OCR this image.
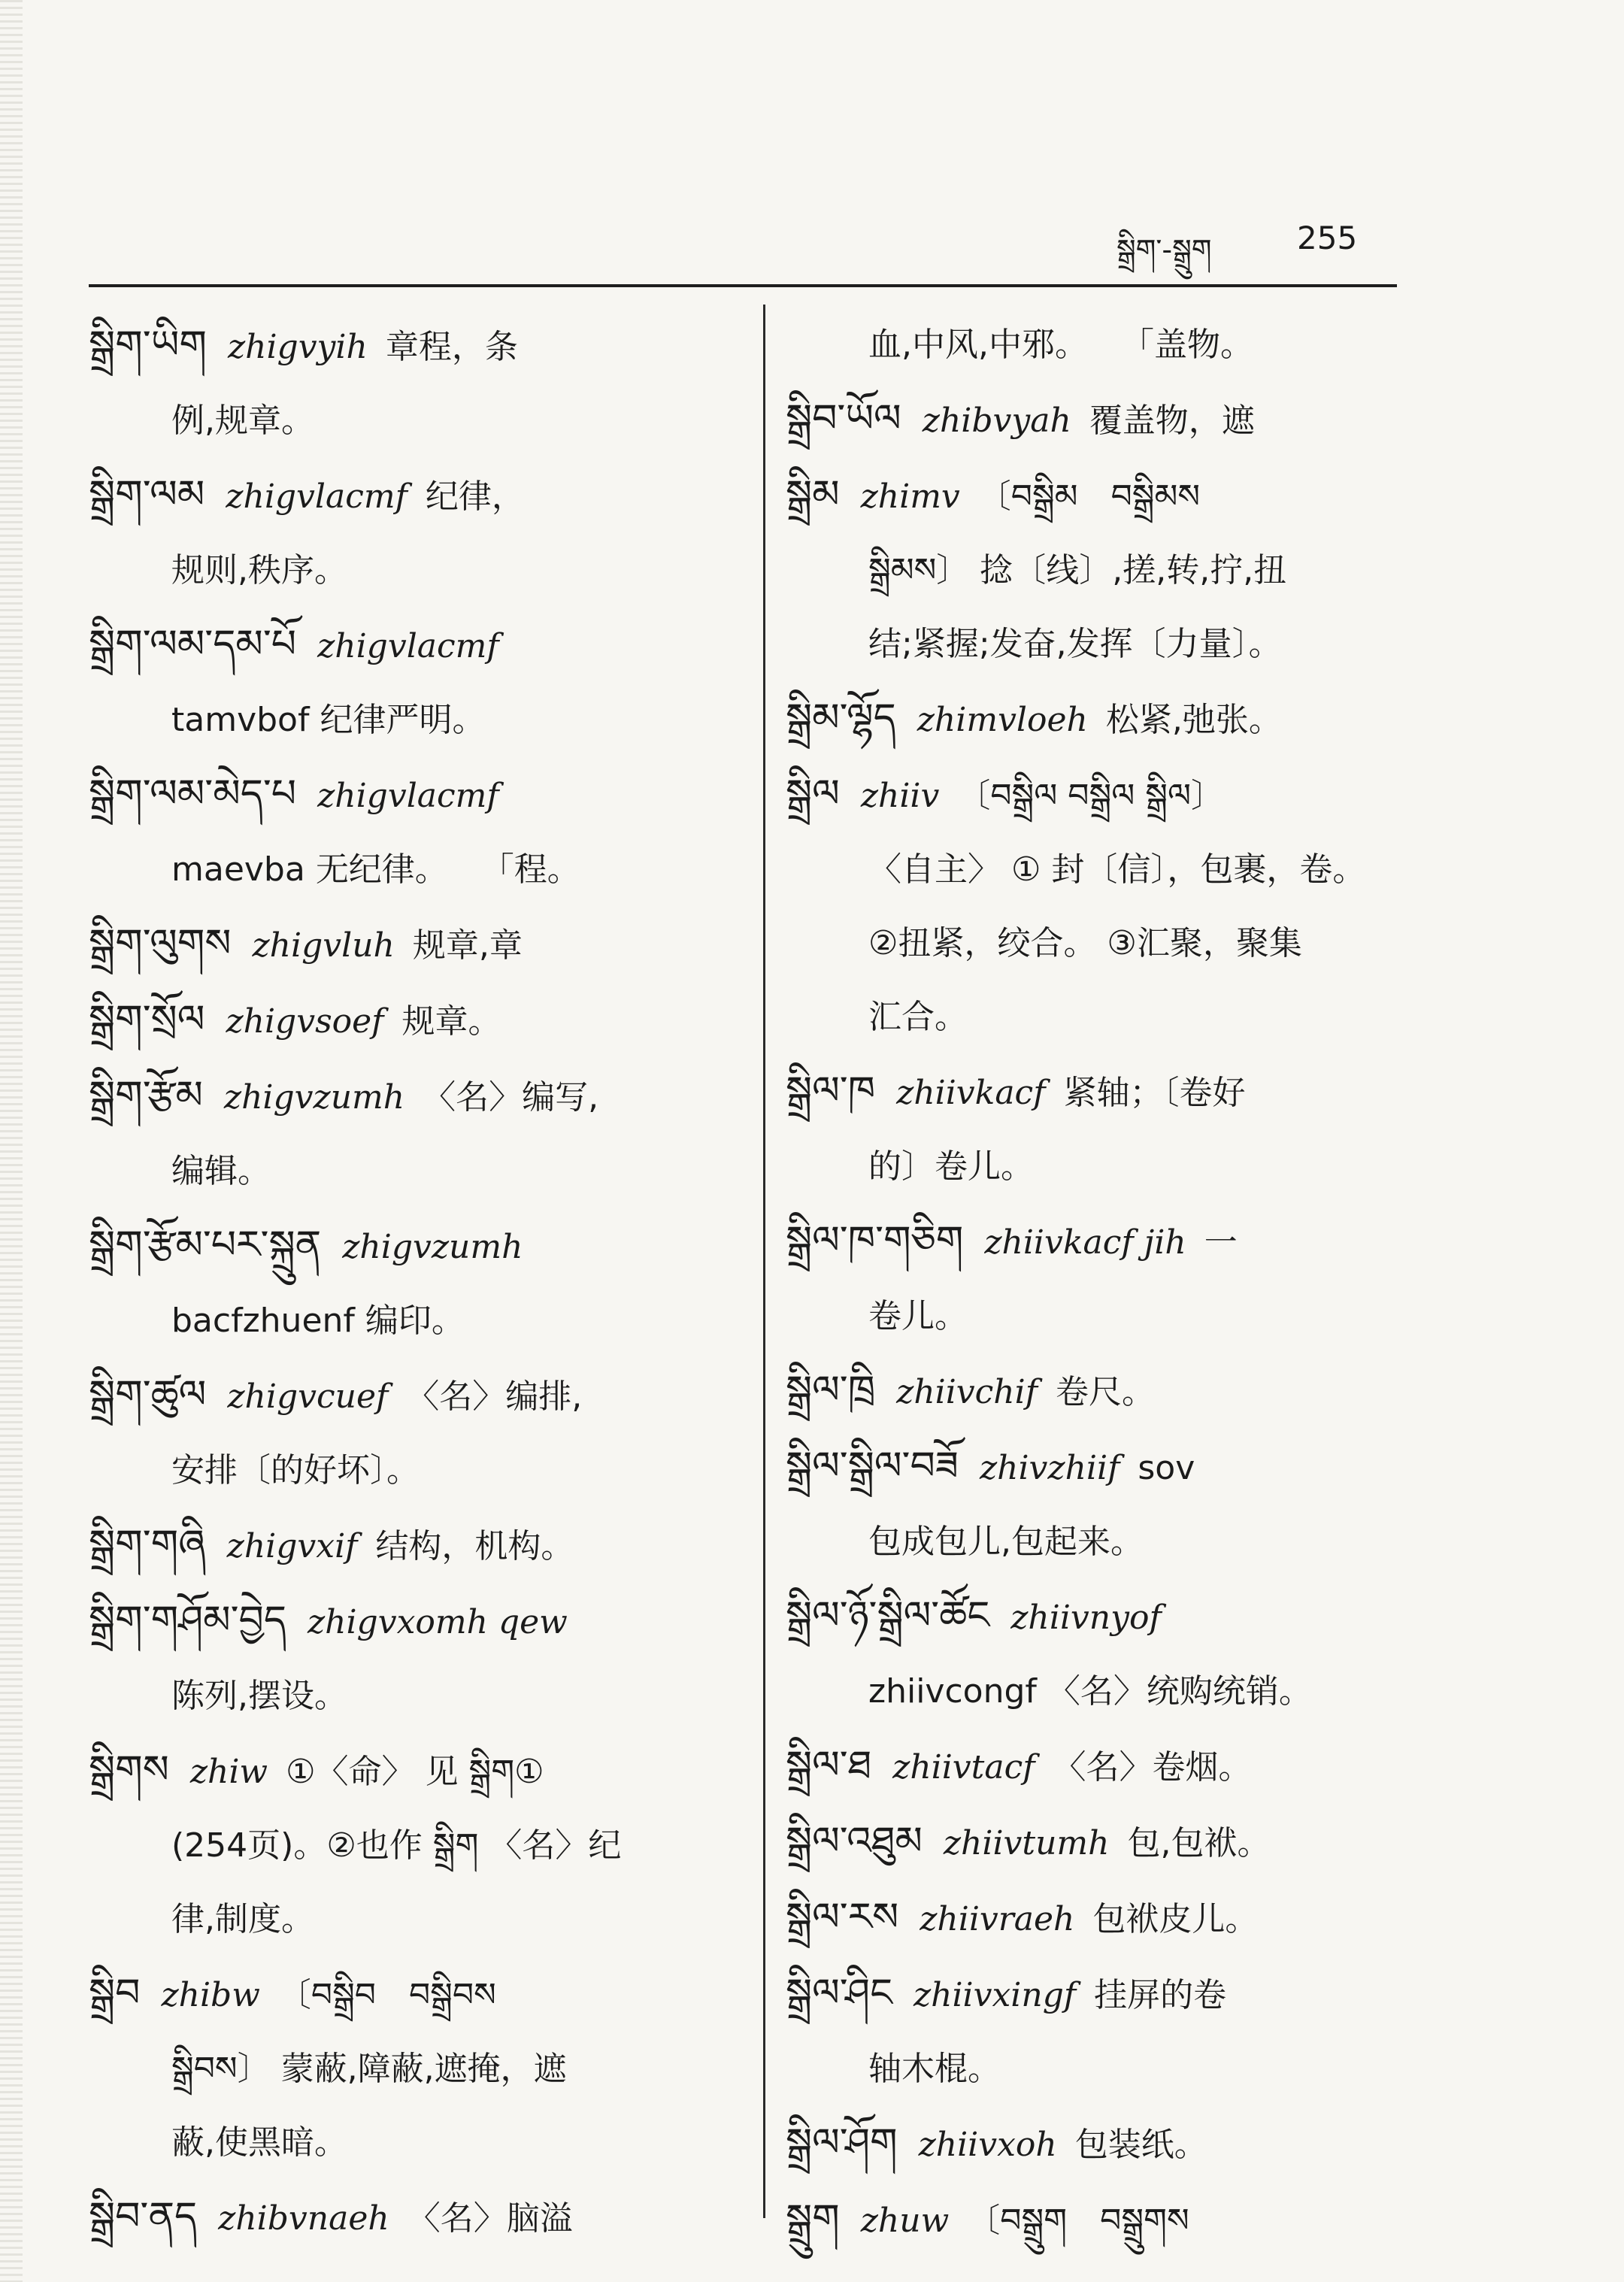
སྒྲིག་-སྒྲུག	255
སྒྲིག་ཡིག zhigvyih 章程，条
例,规章。
སྒྲིག་ལམ zhigvlacmf 纪律，
规则,秩序。
སྒྲིག་ལམ་དམ་པོ zhigvlacmf
tamvbof 纪律严明。
སྒྲིག་ལམ་མེད་པ zhigvlacmf
maevba 无纪律。　　「程。
སྒྲིག་ལུགས zhigvluh 规章,章
སྒྲིག་སྲོལ zhigvsoef 规章。
སྒྲིག་རྩོམ zhigvzumh 〈名〉编写,
编辑。
སྒྲིག་རྩོམ་པར་སྐྲུན zhigvzumh
bacfzhuenf 编印。
སྒྲིག་ཚུལ zhigvcuef 〈名〉编排,
安排〔的好坏〕。
སྒྲིག་གཞི zhigvxif 结构，机构。
སྒྲིག་གཤོམ་བྱེད zhigvxomh qew
陈列,摆设。
སྒྲིགས zhiw ①〈命〉 见 སྒྲིག①
(254页)。②也作 སྒྲིག 〈名〉纪
律,制度。
སྒྲིབ zhibw 〔བསྒྲིབ　བསྒྲིབས
སྒྲིབས〕 蒙蔽,障蔽,遮掩，遮
蔽,使黑暗。
སྒྲིབ་ནད zhibvnaeh 〈名〉脑溢
血,中风,中邪。　　「盖物。
སྒྲིབ་ཡོལ zhibvyah 覆盖物，遮
སྒྲིམ zhimv 〔བསྒྲིམ　བསྒྲིམས
སྒྲིམས〕 捻〔线〕,搓,转,拧,扭
结;紧握;发奋,发挥〔力量〕。
སྒྲིམ་ལྷོད zhimvloeh 松紧,弛张。
སྒྲིལ zhiiv 〔བསྒྲིལ བསྒྲིལ སྒྲིལ〕
〈自主〉 ① 封〔信〕，包裹，卷。
②扭紧，绞合。 ③汇聚，聚集
汇合。
སྒྲིལ་ཁ zhiivkacf 紧轴；〔卷好
的〕卷儿。
སྒྲིལ་ཁ་གཅིག zhiivkacf jih 一
卷儿。
སྒྲིལ་ཁྲི zhiivchif 卷尺。
སྒྲིལ་སྒྲིལ་བཟོ zhivzhiif sov
包成包儿,包起来。
སྒྲིལ་ཉོ་སྒྲིལ་ཚོང zhiivnyof
zhiivcongf 〈名〉统购统销。
སྒྲིལ་ཐ zhiivtacf 〈名〉卷烟。
སྒྲིལ་འཐུམ zhiivtumh 包,包袱。
སྒྲིལ་རས zhiivraeh 包袱皮儿。
སྒྲིལ་ཤིང zhiivxingf 挂屏的卷
轴木棍。
སྒྲིལ་ཤོག zhiivxoh 包装纸。
སྒྲུག zhuw 〔བསྒྲུག　བསྒྲུགས
